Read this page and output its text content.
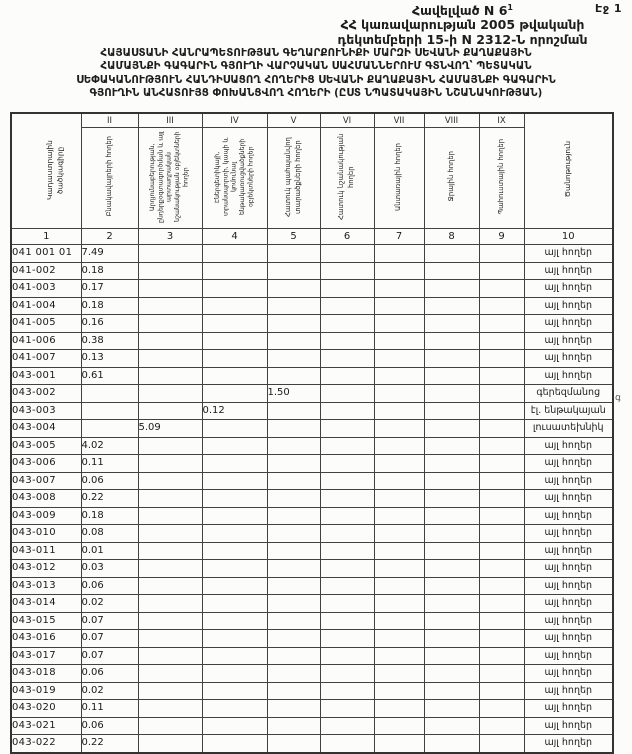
Էջ 1
Հավելված N $6^1$
ՀՀ կառավարության 2005 թվականի
դեկտեմբերի 15-ի N 2312-Ն որոշման
ՀԱՅԱՍՏԱՆԻ ՀԱՆՐԱՊԵՏՈՒԹՅԱՆ ԳԵՂԱՐՔՈՒՆԻՔԻ ՄԱՐԶԻ ՍԵՎԱՆԻ ՔԱՂԱՔԱՅԻՆ
ՀԱՄԱՅՆՔԻ ԳԱԳԱՐԻՆ ԳՅՈՒՂԻ ՎԱՐՉԱԿԱՆ ՍԱՀՄԱՆՆԵՐՈՒՄ ԳՏՆՎՈՂ՝ ՊԵՏԱԿԱՆ
ՍԵՓԱԿԱՆՈՒԹՅՈՒՆ ՀԱՆԴԻՍԱՑՈՂ ՀՈՂԵՐԻՑ ՍԵՎԱՆԻ ՔԱՂԱՔԱՅԻՆ ՀԱՄԱՅՆՔԻ ԳԱԳԱՐԻՆ
ԳՅՈՒՂԻՆ ԱՆՀԱՏՈՒՅՑ ՓՈԽԱՆՑՎՈՂ ՀՈՂԵՐԻ (ԸՍՏ ՆՊԱՏԱԿԱՅԻՆ ՆՇԱՆԱԿՈՒԹՅԱՆ)
Կադաստրային ծածկագիրը	II	III	IV	V	VI	VII	VIII	IX	Ծանոթություն
	Բնակավայրերի հողեր	Արդյունաբերության, ընդերքօգտագործման և այլ արտադրական նշանակության օբյեկտների հողեր	Էներգետիկայի, տրանսպորտի, կապի և կոմունալ ենթակառուցվածքների օբյեկտների հողեր	Հատուկ պահպանվող տարածքների հողեր	Հատուկ նշանակության հողեր	Անտառային հողեր	Ջրային հողեր	Պահուստային հողեր	
1	2	3	4	5	6	7	8	9	10
041 001 01	7.49								այլ հողեր
041-002	0.18								այլ հողեր
041-003	0.17								այլ հողեր
041-004	0.18								այլ հողեր
041-005	0.16								այլ հողեր
041-006	0.38								այլ հողեր
041-007	0.13								այլ հողեր
043-001	0.61								այլ հողեր
043-002				1.50					գերեզմանոց
043-003			0.12						էլ. ենթակայան
043-004		5.09							լուսատեխնիկ
043-005	4.02								այլ հողեր
043-006	0.11								այլ հողեր
043-007	0.06								այլ հողեր
043-008	0.22								այլ հողեր
043-009	0.18								այլ հողեր
043-010	0.08								այլ հողեր
043-011	0.01								այլ հողեր
043-012	0.03								այլ հողեր
043-013	0.06								այլ հողեր
043-014	0.02								այլ հողեր
043-015	0.07								այլ հողեր
043-016	0.07								այլ հողեր
043-017	0.07								այլ հողեր
043-018	0.06								այլ հողեր
043-019	0.02								այլ հողեր
043-020	0.11								այլ հողեր
043-021	0.06								այլ հողեր
043-022	0.22								այլ հողեր
գ
